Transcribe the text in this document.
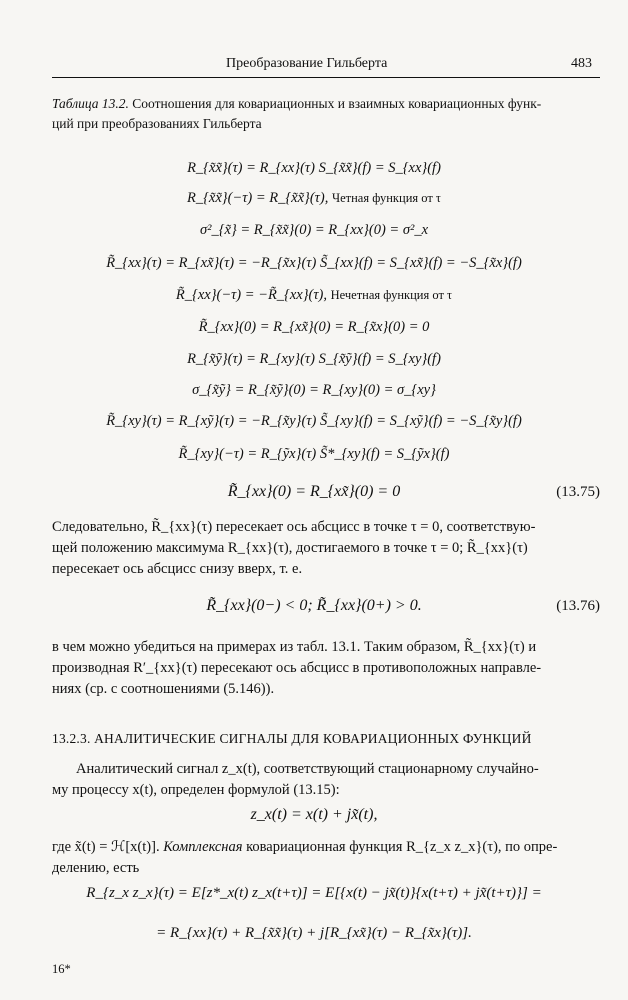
Преобразование Гильберта	483
Таблица 13.2. Соотношения для ковариационных и взаимных ковариационных функ-
ций при преобразованиях Гильберта
R_{x̃x̃}(τ) = R_{xx}(τ) S_{x̃x̃}(f) = S_{xx}(f)
R_{x̃x̃}(−τ) = R_{x̃x̃}(τ), Четная функция от τ
σ²_{x̃} = R_{x̃x̃}(0) = R_{xx}(0) = σ²_x
R̃_{xx}(τ) = R_{xx̃}(τ) = −R_{x̃x}(τ) S̃_{xx}(f) = S_{xx̃}(f) = −S_{x̃x}(f)
R̃_{xx}(−τ) = −R̃_{xx}(τ), Нечетная функция от τ
R̃_{xx}(0) = R_{xx̃}(0) = R_{x̃x}(0) = 0
R_{x̃ỹ}(τ) = R_{xy}(τ) S_{x̃ỹ}(f) = S_{xy}(f)
σ_{x̃ỹ} = R_{x̃ỹ}(0) = R_{xy}(0) = σ_{xy}
R̃_{xy}(τ) = R_{xỹ}(τ) = −R_{x̃y}(τ) S̃_{xy}(f) = S_{xỹ}(f) = −S_{x̃y}(f)
R̃_{xy}(−τ) = R_{ỹx}(τ) S̃*_{xy}(f) = S_{ỹx}(f)
R̃_{xx}(0) = R_{xx̃}(0) = 0	(13.75)
Следовательно, R̃_{xx}(τ) пересекает ось абсцисс в точке τ = 0, соответствую-
щей положению максимума R_{xx}(τ), достигаемого в точке τ = 0; R̃_{xx}(τ)
пересекает ось абсцисс снизу вверх, т. е.
R̃_{xx}(0−) < 0; R̃_{xx}(0+) > 0.	(13.76)
в чем можно убедиться на примерах из табл. 13.1. Таким образом, R̃_{xx}(τ) и
производная R′_{xx}(τ) пересекают ось абсцисс в противоположных направле-
ниях (ср. с соотношениями (5.146)).
13.2.3. АНАЛИТИЧЕСКИЕ СИГНАЛЫ ДЛЯ КОВАРИАЦИОННЫХ ФУНКЦИЙ
Аналитический сигнал z_x(t), соответствующий стационарному случайно-
му процессу x(t), определен формулой (13.15):
z_x(t) = x(t) + jx̃(t),
где x̃(t) = ℋ[x(t)]. Комплексная ковариационная функция R_{z_x z_x}(τ), по опре-
делению, есть
R_{z_x z_x}(τ) = E[z*_x(t) z_x(t+τ)] = E[{x(t) − jx̃(t)}{x(t+τ) + jx̃(t+τ)}] =
= R_{xx}(τ) + R_{x̃x̃}(τ) + j[R_{xx̃}(τ) − R_{x̃x}(τ)].
16*
